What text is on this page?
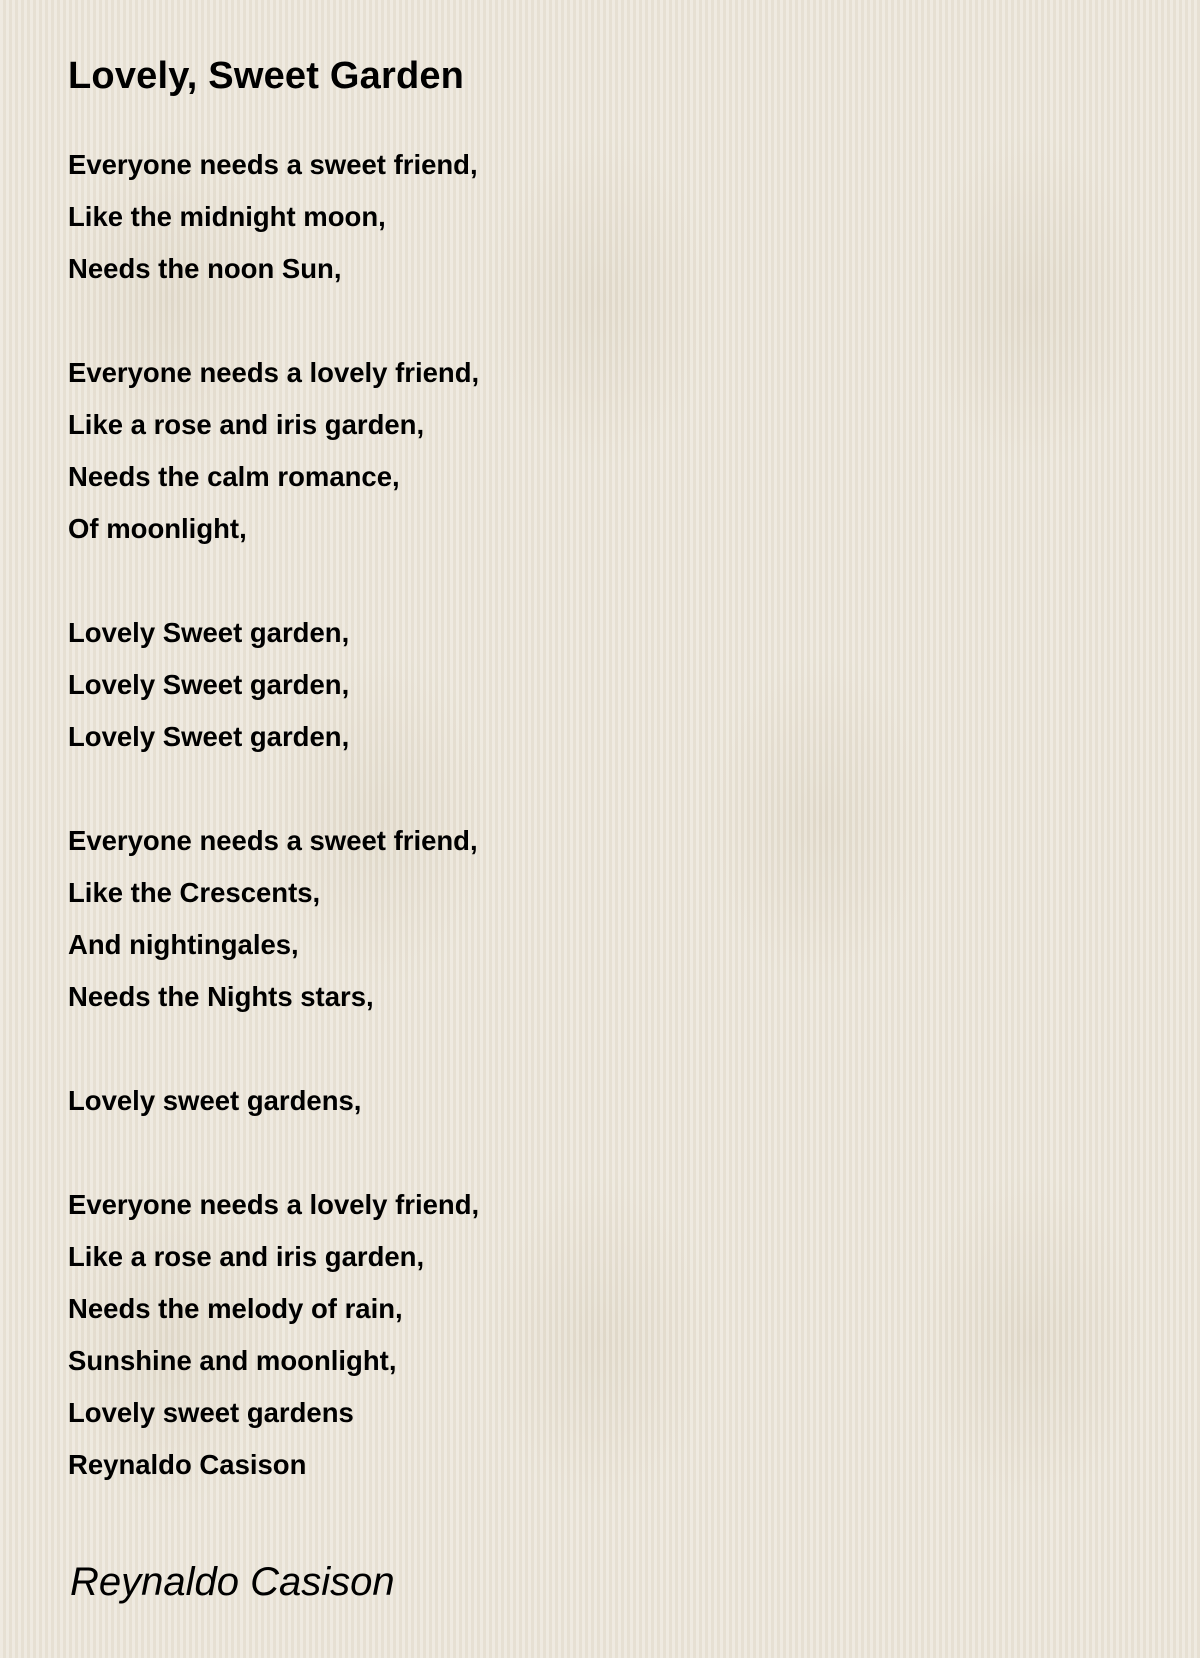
Lovely, Sweet Garden
Everyone needs a sweet friend,
Like the midnight moon,
Needs the noon Sun,
Everyone needs a lovely friend,
Like a rose and iris garden,
Needs the calm romance,
Of moonlight,
Lovely Sweet garden,
Lovely Sweet garden,
Lovely Sweet garden,
Everyone needs a sweet friend,
Like the Crescents,
And nightingales,
Needs the Nights stars,
Lovely sweet gardens,
Everyone needs a lovely friend,
Like a rose and iris garden,
Needs the melody of rain,
Sunshine and moonlight,
Lovely sweet gardens
Reynaldo Casison
Reynaldo Casison
